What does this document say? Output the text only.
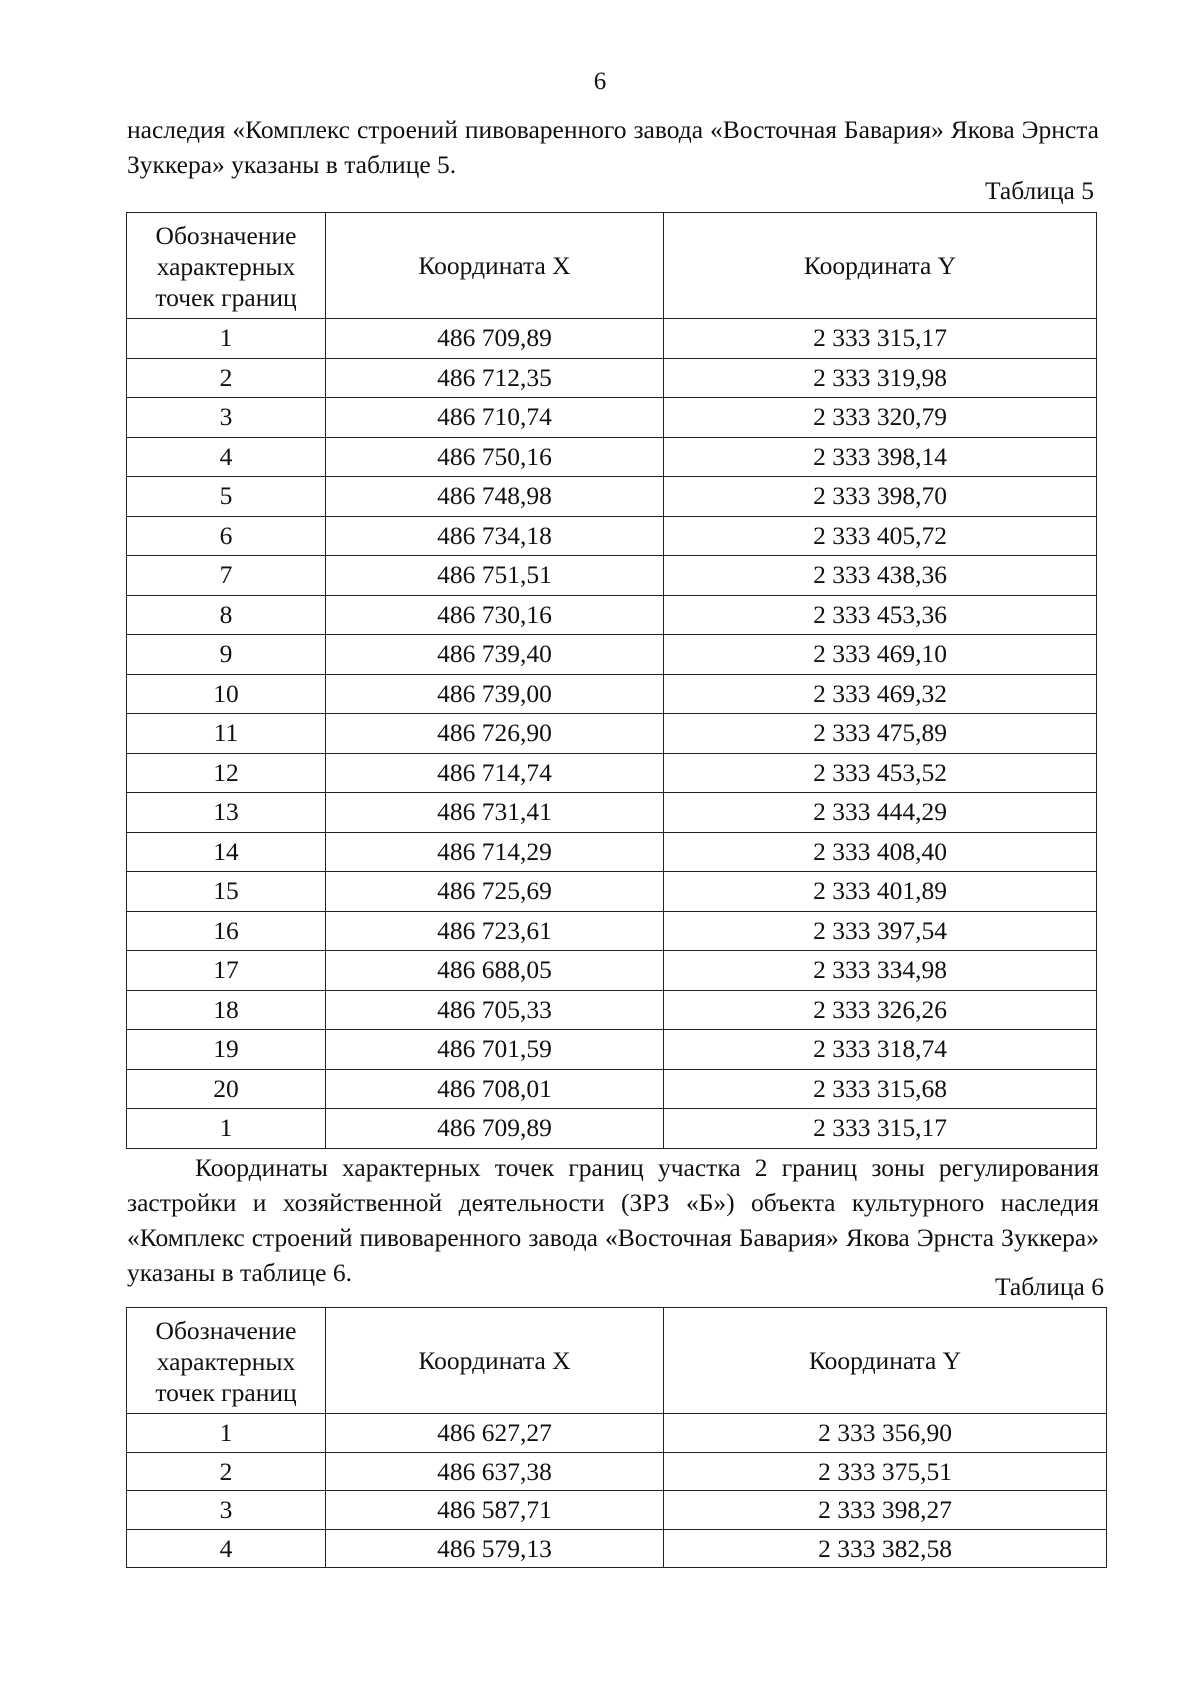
6

наследия «Комплекс строений пивоваренного завода «Восточная Бавария» Якова Эрнста Зуккера» указаны в таблице 5.

Таблица 5
Обозначение характерных точек границ	Координата X	Координата Y
1	486 709,89	2 333 315,17
2	486 712,35	2 333 319,98
3	486 710,74	2 333 320,79
4	486 750,16	2 333 398,14
5	486 748,98	2 333 398,70
6	486 734,18	2 333 405,72
7	486 751,51	2 333 438,36
8	486 730,16	2 333 453,36
9	486 739,40	2 333 469,10
10	486 739,00	2 333 469,32
11	486 726,90	2 333 475,89
12	486 714,74	2 333 453,52
13	486 731,41	2 333 444,29
14	486 714,29	2 333 408,40
15	486 725,69	2 333 401,89
16	486 723,61	2 333 397,54
17	486 688,05	2 333 334,98
18	486 705,33	2 333 326,26
19	486 701,59	2 333 318,74
20	486 708,01	2 333 315,68
1	486 709,89	2 333 315,17

Координаты характерных точек границ участка 2 границ зоны регулирования застройки и хозяйственной деятельности (ЗРЗ «Б») объекта культурного наследия «Комплекс строений пивоваренного завода «Восточная Бавария» Якова Эрнста Зуккера» указаны в таблице 6.	Таблица 6
Обозначение характерных точек границ	Координата X	Координата Y
1	486 627,27	2 333 356,90
2	486 637,38	2 333 375,51
3	486 587,71	2 333 398,27
4	486 579,13	2 333 382,58
